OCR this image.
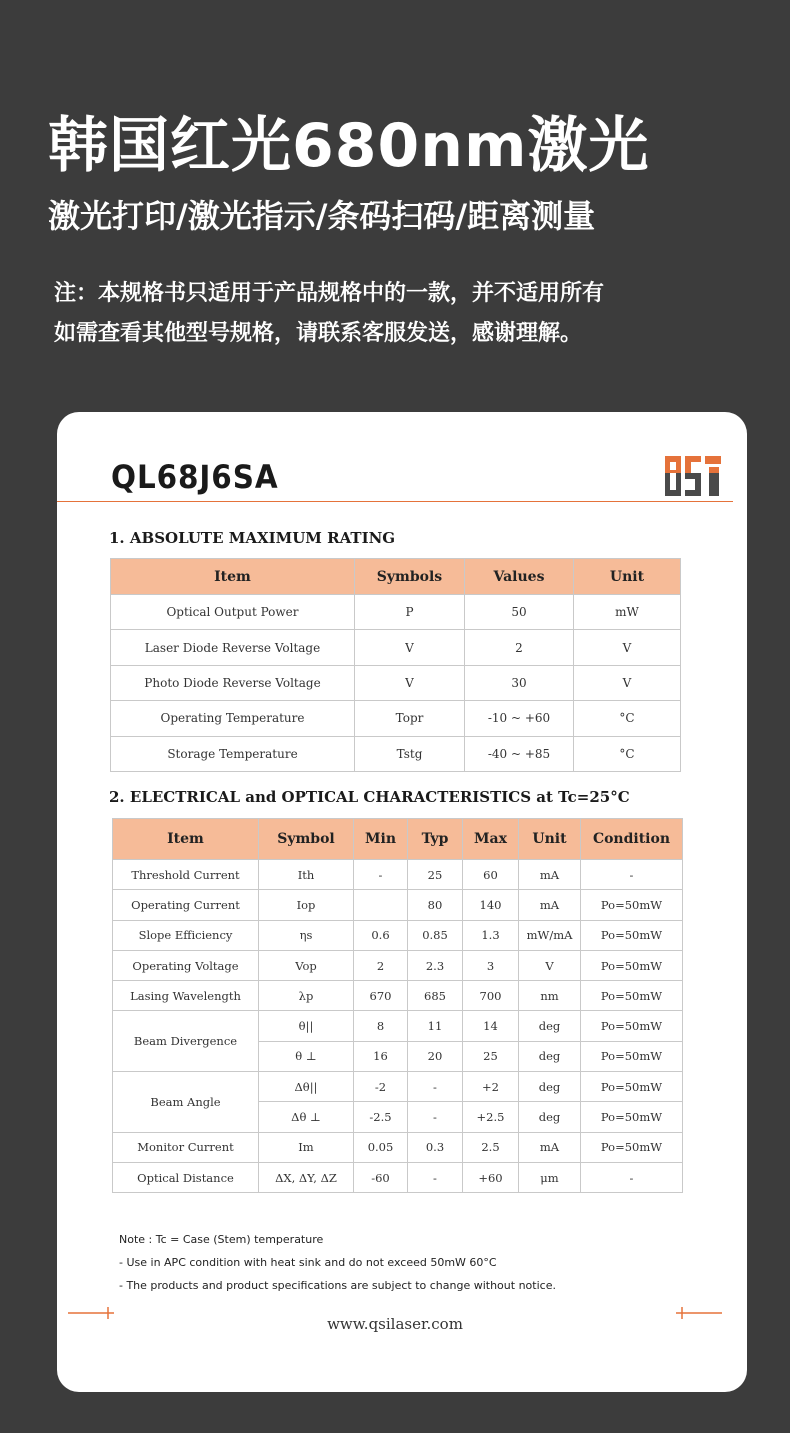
韩国红光680nm激光
激光打印/激光指示/条码扫码/距离测量
注：本规格书只适用于产品规格中的一款，并不适用所有
如需查看其他型号规格，请联系客服发送，感谢理解。
QL68J6SA
1. ABSOLUTE MAXIMUM RATING
Item	Symbols	Values	Unit
Optical Output Power	P	50	mW
Laser Diode Reverse Voltage	V	2	V
Photo Diode Reverse Voltage	V	30	V
Operating Temperature	Topr	-10 ~ +60	°C
Storage Temperature	Tstg	-40 ~ +85	°C
2. ELECTRICAL and OPTICAL CHARACTERISTICS at Tc=25°C
Item	Symbol	Min	Typ	Max	Unit	Condition
Threshold Current	Ith	-	25	60	mA	-
Operating Current	Iop		80	140	mA	Po=50mW
Slope Efficiency	ηs	0.6	0.85	1.3	mW/mA	Po=50mW
Operating Voltage	Vop	2	2.3	3	V	Po=50mW
Lasing Wavelength	λp	670	685	700	nm	Po=50mW
Beam Divergence	θ||	8	11	14	deg	Po=50mW
	θ ⊥	16	20	25	deg	Po=50mW
Beam Angle	Δθ||	-2	-	+2	deg	Po=50mW
	Δθ ⊥	-2.5	-	+2.5	deg	Po=50mW
Monitor Current	Im	0.05	0.3	2.5	mA	Po=50mW
Optical Distance	ΔX, ΔY, ΔZ	-60	-	+60	μm	-
Note : Tc = Case (Stem) temperature
- Use in APC condition with heat sink and do not exceed 50mW 60°C
- The products and product specifications are subject to change without notice.
www.qsilaser.com
